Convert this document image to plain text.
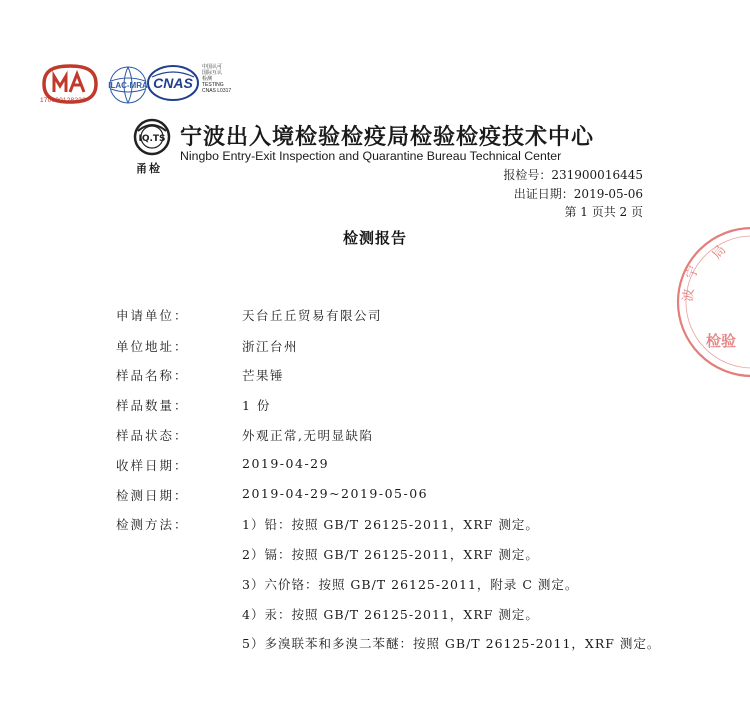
170000128222
ILAC-MRA CNAS
中国认可
国际互认
检测
TESTING
CNAS L0317
IQ.TS
甬检
宁波出入境检验检疫局检验检疫技术中心
Ningbo Entry-Exit Inspection and Quarantine Bureau Technical Center
报检号：231900016445
出证日期：2019-05-06
第 1 页共 2 页
检测报告
申请单位：	天台丘丘贸易有限公司
单位地址：	浙江台州
样品名称：	芒果锤
样品数量：	1 份
样品状态：	外观正常,无明显缺陷
收样日期：	2019-04-29
检测日期：	2019-04-29~2019-05-06
检测方法：	1）铅：按照 GB/T 26125-2011，XRF 测定。
2）镉：按照 GB/T 26125-2011，XRF 测定。
3）六价铬：按照 GB/T 26125-2011，附录 C 测定。
4）汞：按照 GB/T 26125-2011，XRF 测定。
5）多溴联苯和多溴二苯醚：按照 GB/T 26125-2011，XRF 测定。
宁
波
局
检验
